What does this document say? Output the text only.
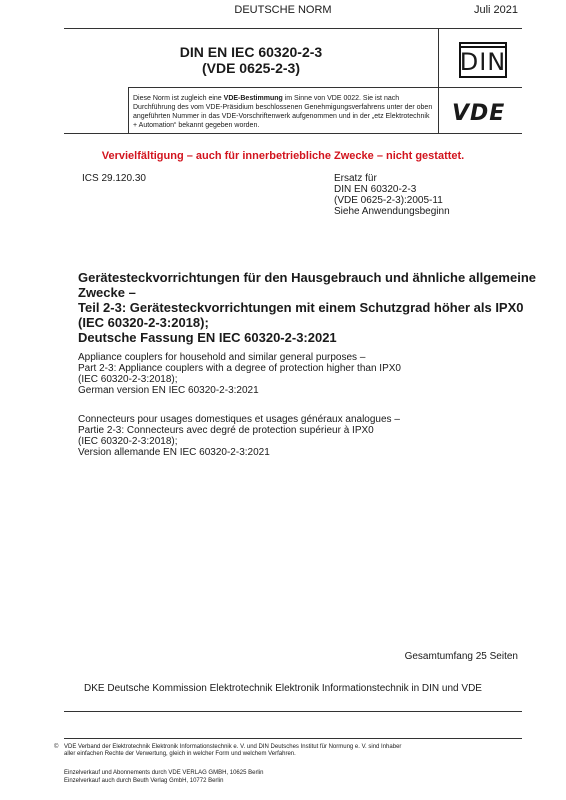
DEUTSCHE NORM	Juli 2021
DIN EN IEC 60320-2-3
(VDE 0625-2-3)	DIN
Diese Norm ist zugleich eine VDE-Bestimmung im Sinne von VDE 0022. Sie ist nach Durchführung des vom VDE-Präsidium beschlossenen Genehmigungsverfahrens unter der oben angeführten Nummer in das VDE-Vorschriftenwerk aufgenommen und in der „etz Elektrotechnik + Automation“ bekannt gegeben worden.	VDE
Vervielfältigung – auch für innerbetriebliche Zwecke – nicht gestattet.
ICS 29.120.30	Ersatz für
DIN EN 60320-2-3
(VDE 0625-2-3):2005-11
Siehe Anwendungsbeginn
Gerätesteckvorrichtungen für den Hausgebrauch und ähnliche allgemeine
Zwecke –
Teil 2-3: Gerätesteckvorrichtungen mit einem Schutzgrad höher als IPX0
(IEC 60320-2-3:2018);
Deutsche Fassung EN IEC 60320-2-3:2021
Appliance couplers for household and similar general purposes –
Part 2-3: Appliance couplers with a degree of protection higher than IPX0
(IEC 60320-2-3:2018);
German version EN IEC 60320-2-3:2021
Connecteurs pour usages domestiques et usages généraux analogues –
Partie 2-3: Connecteurs avec degré de protection supérieur à IPX0
(IEC 60320-2-3:2018);
Version allemande EN IEC 60320-2-3:2021
Gesamtumfang 25 Seiten
DKE Deutsche Kommission Elektrotechnik Elektronik Informationstechnik in DIN und VDE
© VDE Verband der Elektrotechnik Elektronik Informationstechnik e. V. und DIN Deutsches Institut für Normung e. V. sind Inhaber
aller einfachen Rechte der Verwertung, gleich in welcher Form und welchem Verfahren.
Einzelverkauf und Abonnements durch VDE VERLAG GMBH, 10625 Berlin
Einzelverkauf auch durch Beuth Verlag GmbH, 10772 Berlin
